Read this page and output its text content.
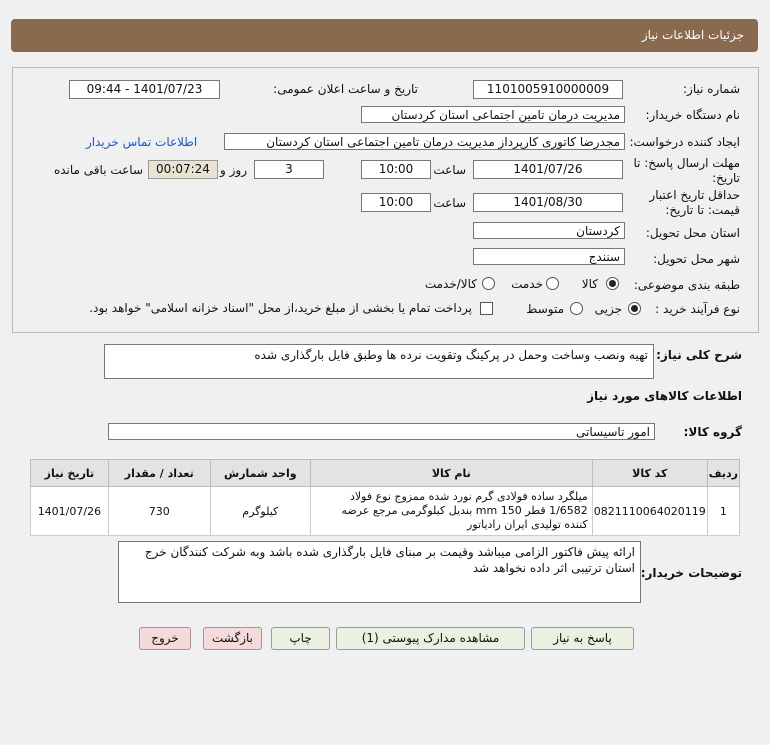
جزئیات اطلاعات نیاز
شماره نیاز:
1101005910000009
تاریخ و ساعت اعلان عمومی:
1401/07/23 - 09:44
نام دستگاه خریدار:
مدیریت درمان تامین اجتماعی استان کردستان
ایجاد کننده درخواست:
مجدرضا کاتوری کارپرداز مدیریت درمان تامین اجتماعی استان کردستان
اطلاعات تماس خریدار
مهلت ارسال پاسخ: تا
تاریخ:
1401/07/26
ساعت
10:00
3
روز و
00:07:24
ساعت باقی مانده
حداقل تاریخ اعتبار
قیمت: تا تاریخ:
1401/08/30
ساعت
10:00
استان محل تحویل:
کردستان
شهر محل تحویل:
سنندج
طبقه بندی موضوعی:
کالا
خدمت
کالا/خدمت
نوع فرآیند خرید :
جزیی
متوسط
پرداخت تمام یا بخشی از مبلغ خرید،از محل "اسناد خزانه اسلامی" خواهد بود.
شرح کلی نیاز:
تهیه ونصب وساخت وحمل در پرکینگ وتقویت نرده ها وطبق فایل بارگذاری شده
اطلاعات کالاهای مورد نیاز
گروه کالا:
امور تاسیساتی
ردیف	کد کالا	نام کالا	واحد شمارش	تعداد / مقدار	تاریخ نیاز
1	0821110064020119	میلگرد ساده فولادی گرم نورد شده ممزوج نوع فولاد 1/6582 قطر 150 mm بندیل کیلوگرمی مرجع عرضه کننده تولیدی ایران رادیاتور	کیلوگرم	730	1401/07/26
توضیحات خریدار:
ارائه پیش فاکتور الزامی میباشد وقیمت بر مبنای فایل بارگذاری شده باشد وبه شرکت کنندگان خرج استان ترتیبی اثر داده نخواهد شد
پاسخ به نیاز
مشاهده مدارک پیوستی (1)
چاپ
بازگشت
خروج
